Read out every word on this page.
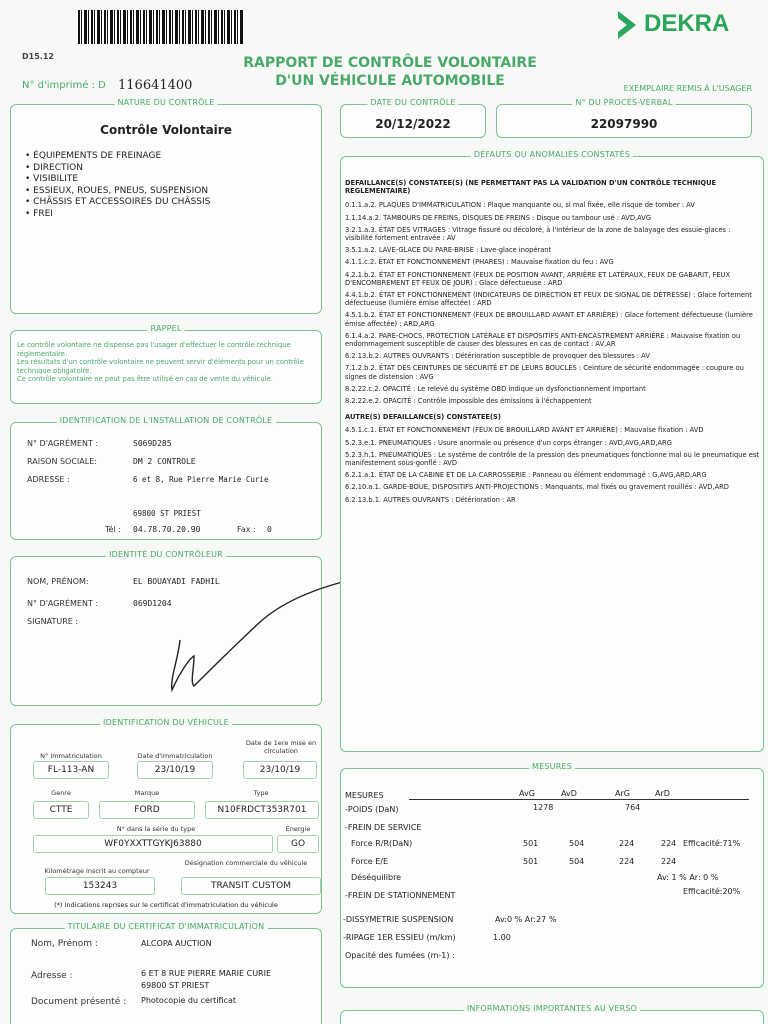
D15.12
N° d'imprimé : D 116641400
RAPPORT DE CONTRÔLE VOLONTAIRE
D'UN VÉHICULE AUTOMOBILE
DEKRA
EXEMPLAIRE REMIS À L'USAGER
NATURE DU CONTRÔLE
Contrôle Volontaire
• ÉQUIPEMENTS DE FREINAGE
• DIRECTION
• VISIBILITE
• ESSIEUX, ROUES, PNEUS, SUSPENSION
• CHÂSSIS ET ACCESSOIRES DU CHÂSSIS
• FREI
DATE DU CONTRÔLE
20/12/2022
N° DU PROCÈS-VERBAL
22097990
RAPPEL
Le contrôle volontaire ne dispense pas l'usager d'effectuer le contrôle technique réglementaire.
Les résultats d'un contrôle volontaire ne peuvent servir d'éléments pour un contrôle technique obligatoire.
Ce contrôle volontaire ne peut pas être utilisé en cas de vente du véhicule.
IDENTIFICATION DE L'INSTALLATION DE CONTRÔLE
N° D'AGRÉMENT :	S069D285
RAISON SOCIALE:	DM 2 CONTROLE
ADRESSE :	6 et 8, Rue Pierre Marie Curie
69800 ST PRIEST
Tél : 04.78.70.20.90	Fax : 0
IDENTITÉ DU CONTRÔLEUR
NOM, PRÉNOM:	EL BOUAYADI FADHIL
N° D'AGRÉMENT :	069D1204
SIGNATURE :
IDENTIFICATION DU VÉHICULE
N° Immatriculation
FL-113-AN
Date d'immatriculation
23/10/19
Date de 1ere mise en circulation
23/10/19
Genre
CTTE
Marque
FORD
Type
N10FRDCT353R701
N° dans la série du type
WF0YXXTTGYKJ63880
Énergie
GO
Kilométrage inscrit au compteur
153243
Désignation commerciale du véhicule
TRANSIT CUSTOM
(*) Indications reprises sur le certificat d'immatriculation du véhicule
TITULAIRE DU CERTIFICAT D'IMMATRICULATION
Nom, Prénom :	ALCOPA AUCTION
Adresse :	6 ET 8 RUE PIERRE MARIE CURIE
69800 ST PRIEST
Document présenté : Photocopie du certificat
DÉFAUTS OU ANOMALIES CONSTATÉS
DEFAILLANCE(S) CONSTATEE(S) (NE PERMETTANT PAS LA VALIDATION D'UN CONTRÔLE TECHNIQUE REGLEMENTAIRE)
0.1.1.a.2. PLAQUES D'IMMATRICULATION : Plaque manquante ou, si mal fixée, elle risque de tomber : AV
1.1.14.a.2. TAMBOURS DE FREINS, DISQUES DE FREINS : Disque ou tambour usé : AVD,AVG
3.2.1.a.3. ÉTAT DES VITRAGES : Vitrage fissuré ou décoloré, à l'intérieur de la zone de balayage des essuie-glaces : visibilité fortement entravée : AV
3.5.1.a.2. LAVE-GLACE DU PARE-BRISE : Lave-glace inopérant
4.1.1.c.2. ÉTAT ET FONCTIONNEMENT (PHARES) : Mauvaise fixation du feu : AVG
4.2.1.b.2. ÉTAT ET FONCTIONNEMENT (FEUX DE POSITION AVANT, ARRIÈRE ET LATÉRAUX, FEUX DE GABARIT, FEUX D'ENCOMBREMENT ET FEUX DE JOUR) : Glace défectueuse : ARD
4.4.1.b.2. ÉTAT ET FONCTIONNEMENT (INDICATEURS DE DIRECTION ET FEUX DE SIGNAL DE DÉTRESSE) : Glace fortement défectueuse (lumière émise affectée) : ARD
4.5.1.b.2. ÉTAT ET FONCTIONNEMENT (FEUX DE BROUILLARD AVANT ET ARRIÈRE) : Glace fortement défectueuse (lumière émise affectée) : ARD,ARG
6.1.4.a.2. PARE-CHOCS, PROTECTION LATÉRALE ET DISPOSITIFS ANTI-ENCASTREMENT ARRIÈRE : Mauvaise fixation ou endommagement susceptible de causer des blessures en cas de contact : AV,AR
6.2.13.b.2. AUTRES OUVRANTS : Détérioration susceptible de provoquer des blessures : AV
7.1.2.b.2. ÉTAT DES CEINTURES DE SÉCURITÉ ET DE LEURS BOUCLES : Ceinture de sécurité endommagée : coupure ou signes de distension : AVG
8.2.22.c.2. OPACITÉ : Le relevé du système OBD indique un dysfonctionnement important
8.2.22.e.2. OPACITÉ : Contrôle impossible des émissions à l'échappement
AUTRE(S) DEFAILLANCE(S) CONSTATEE(S)
4.5.1.c.1. ÉTAT ET FONCTIONNEMENT (FEUX DE BROUILLARD AVANT ET ARRIÈRE) : Mauvaise fixation : AVD
5.2.3.e.1. PNEUMATIQUES : Usure anormale ou présence d'un corps étranger : AVD,AVG,ARD,ARG
5.2.3.h.1. PNEUMATIQUES : Le système de contrôle de la pression des pneumatiques fonctionne mal ou le pneumatique est manifestement sous-gonflé : AVD
6.2.1.a.1. ÉTAT DE LA CABINE ET DE LA CARROSSERIE : Panneau ou élément endommagé : G,AVG,ARD,ARG
6.2.10.a.1. GARDE-BOUE, DISPOSITIFS ANTI-PROJECTIONS : Manquants, mal fixés ou gravement rouillés : AVD,ARD
6.2.13.b.1. AUTRES OUVRANTS : Détérioration : AR
MESURES
MESURES	AvG	AvD	ArG	ArD
-POIDS (DaN)	1278	764
-FREIN DE SERVICE
Force R/R(DaN)	501	504	224	224 Efficacité:71%
Force E/E	501	504	224	224
Déséquilibre	Av: 1 % Ar: 0 %
-FREIN DE STATIONNEMENT	Efficacité:20%
-DISSYMETRIE SUSPENSION	Av:0 % Ar:27 %
-RIPAGE 1ER ESSIEU (m/km)	1.00
Opacité des fumées (m-1) :
INFORMATIONS IMPORTANTES AU VERSO
